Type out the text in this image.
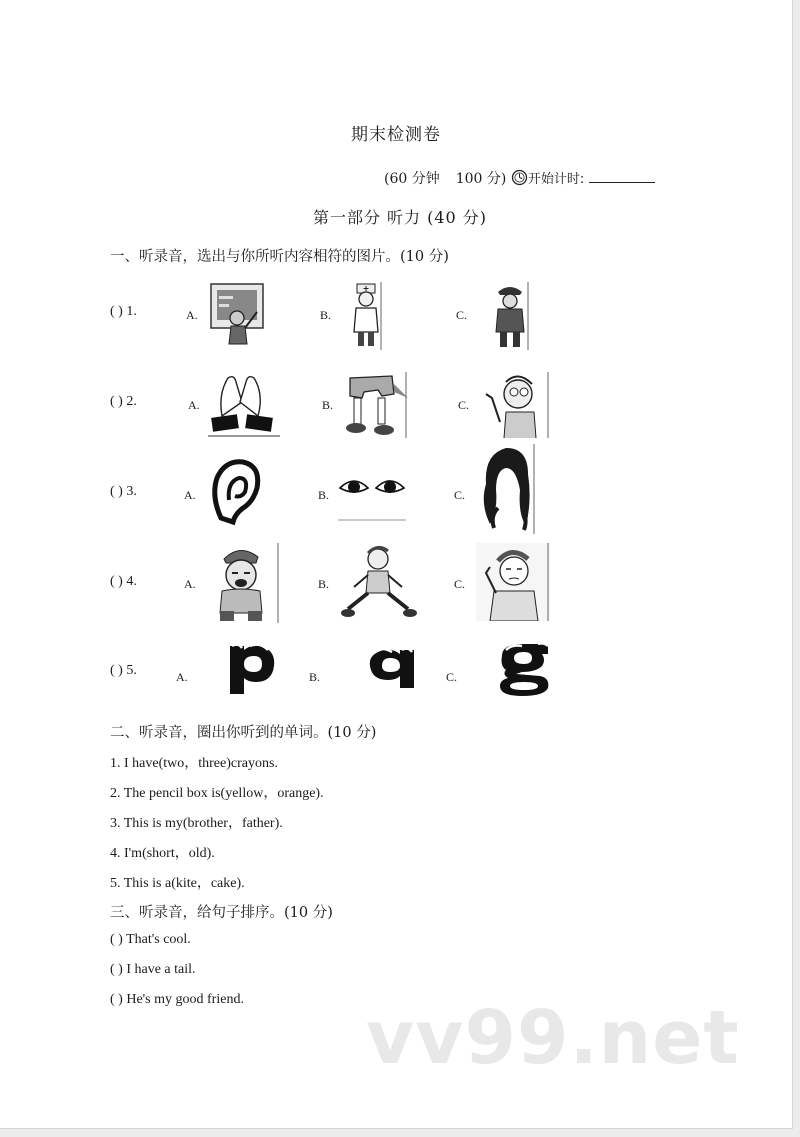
期末检测卷
(60 分钟 100 分) 开始计时:
第一部分 听力 (40 分)
一、听录音，选出与你所听内容相符的图片。(10 分)
( ) 1.	A.	B.	C.
( ) 2.	A.	B.	C.
( ) 3.	A.	B.	C.
( ) 4.	A.	B.	C.
( ) 5.	A.	B.	C.
二、听录音，圈出你听到的单词。(10 分)
1. I have(two，three)crayons.
2. The pencil box is(yellow，orange).
3. This is my(brother，father).
4. I'm(short，old).
5. This is a(kite，cake).
三、听录音，给句子排序。(10 分)
( ) That's cool.
( ) I have a tail.
( ) He's my good friend. vv99.net
